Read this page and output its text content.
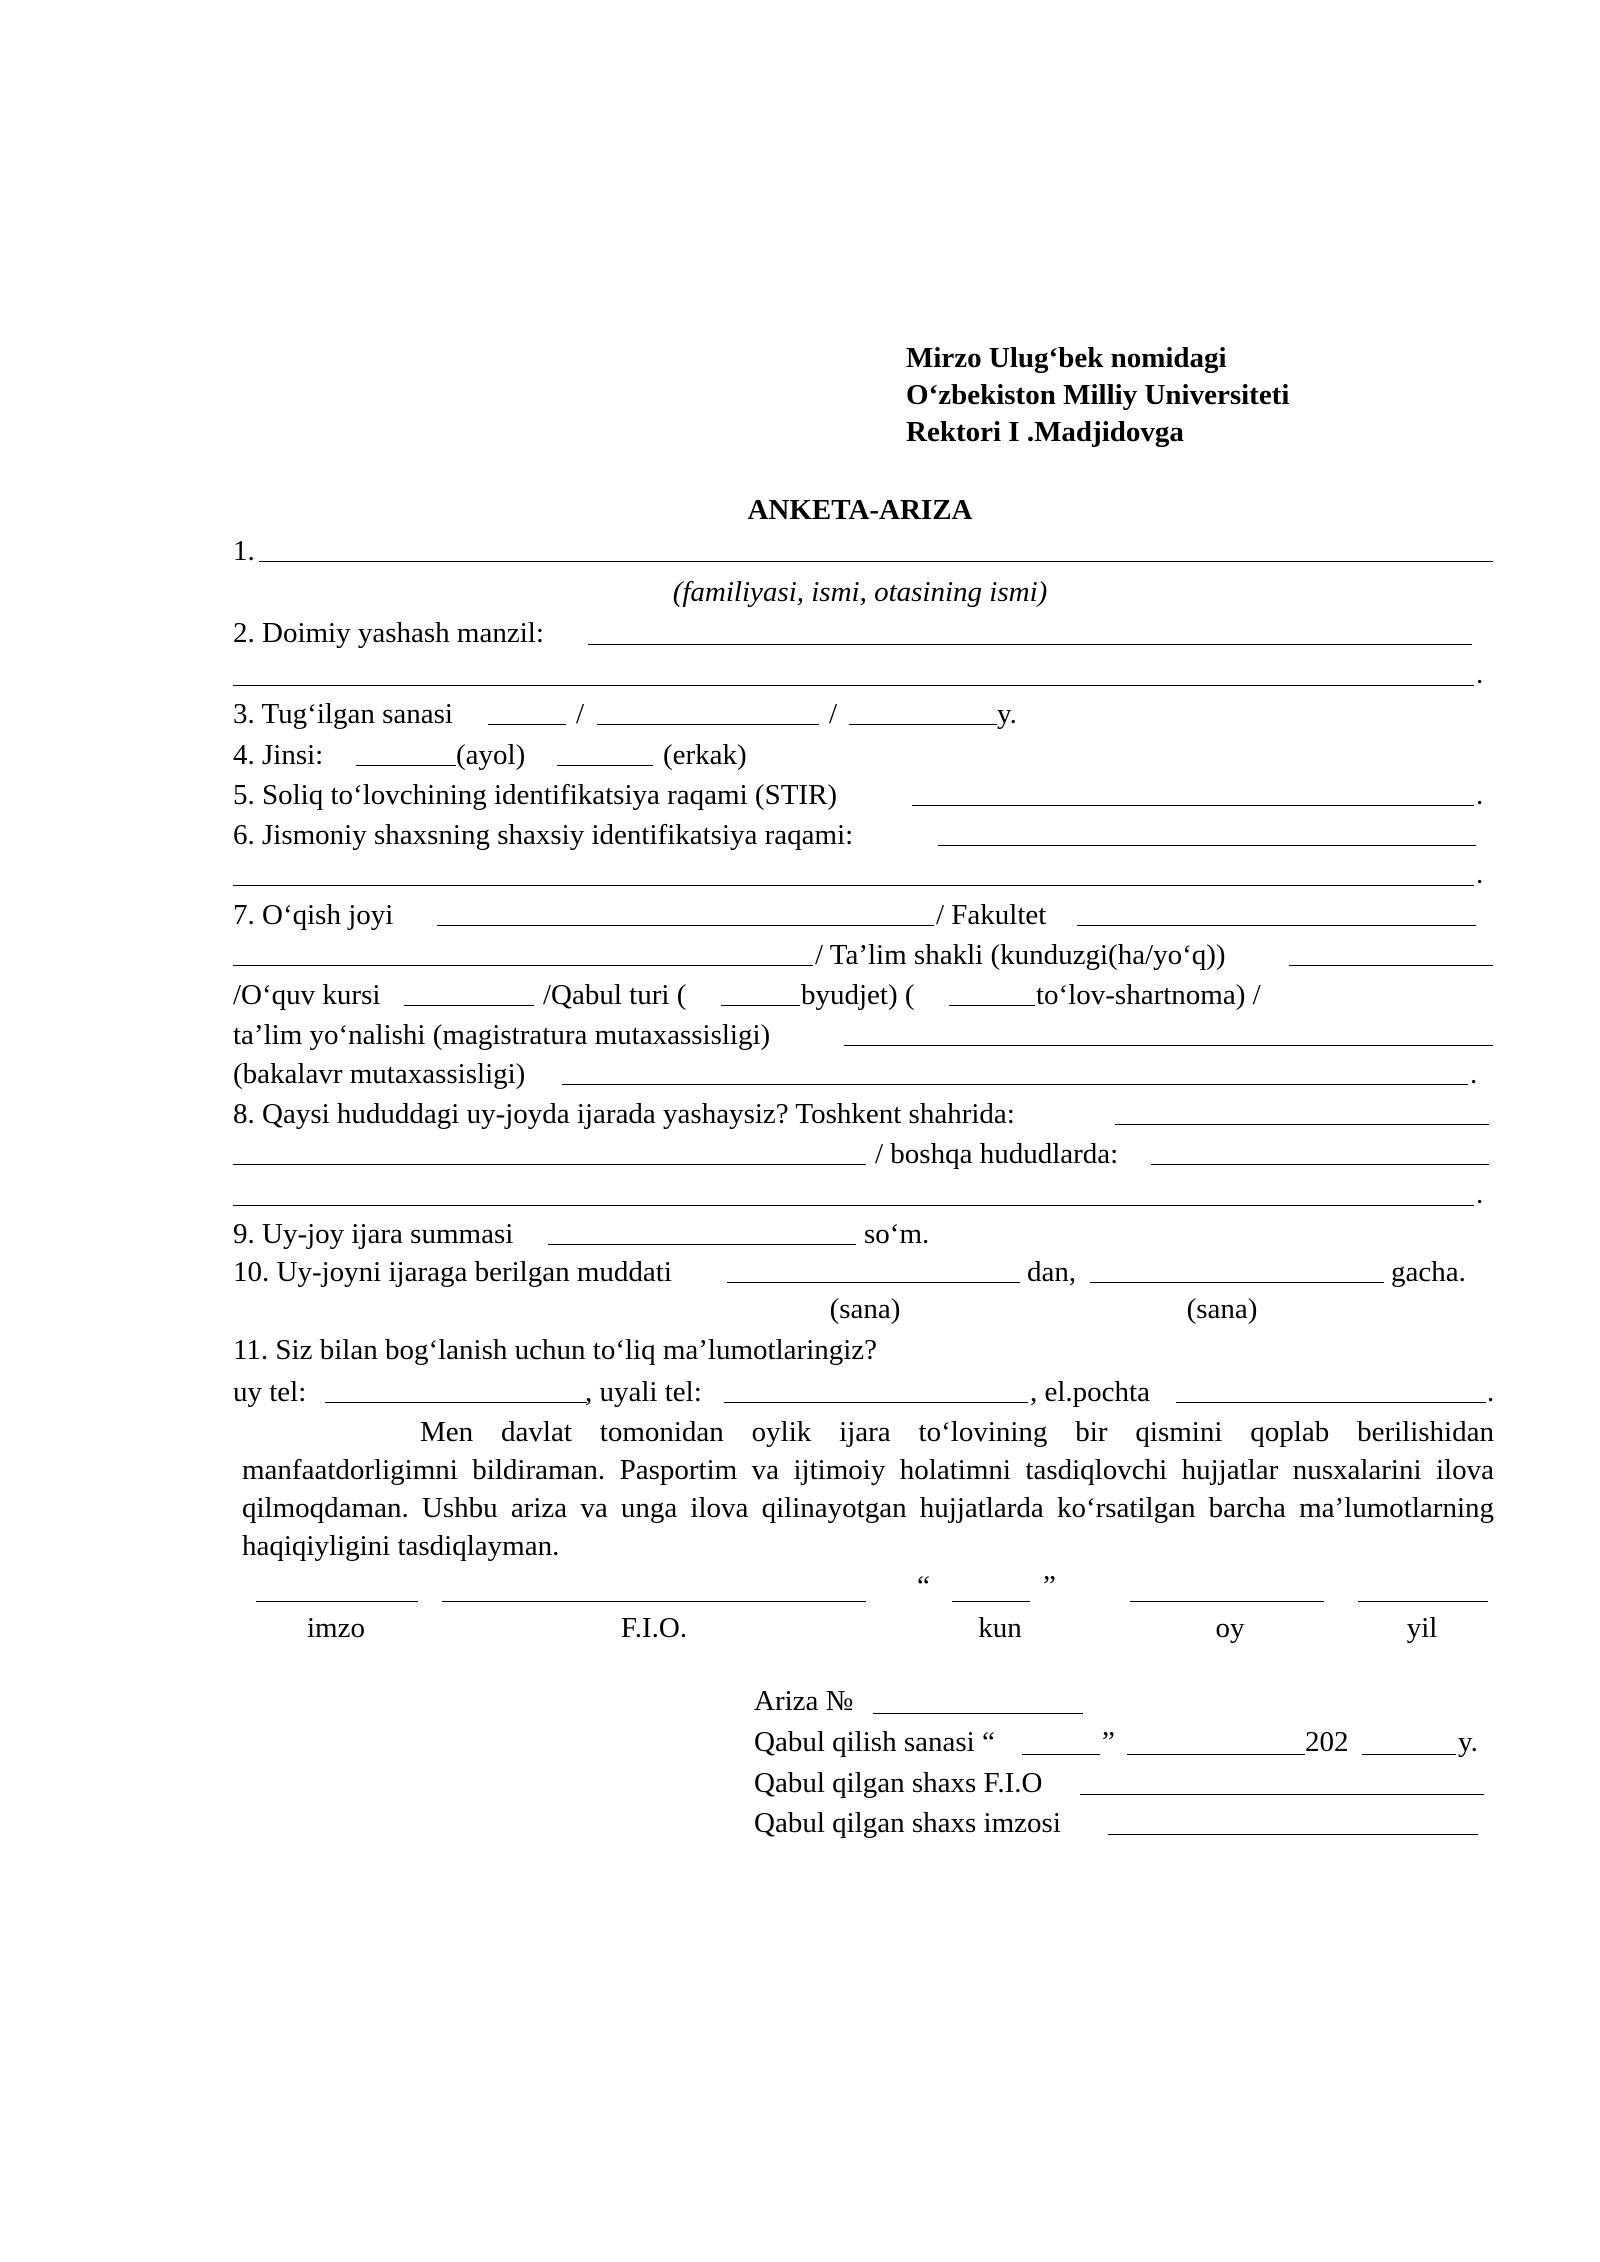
Mirzo Ulug‘bek nomidagi
O‘zbekiston Milliy Universiteti
Rektori I .Madjidovga
ANKETA-ARIZA
1.
(familiyasi, ismi, otasining ismi)
2. Doimiy yashash manzil:
.
3. Tug‘ilgan sanasi	/	/	y.
4. Jinsi:	(ayol)	(erkak)
5. Soliq to‘lovchining identifikatsiya raqami (STIR)	.
6. Jismoniy shaxsning shaxsiy identifikatsiya raqami:
.
7. O‘qish joyi	/ Fakultet
/ Ta’lim shakli (kunduzgi(ha/yo‘q))
/O‘quv kursi	/Qabul turi (	byudjet) (	to‘lov-shartnoma) /
ta’lim yo‘nalishi (magistratura mutaxassisligi)
(bakalavr mutaxassisligi)	.
8. Qaysi hududdagi uy-joyda ijarada yashaysiz? Toshkent shahrida:
/ boshqa hududlarda:
.
9. Uy-joy ijara summasi	so‘m.
10. Uy-joyni ijaraga berilgan muddati	dan,	gacha.
(sana)	(sana)
11. Siz bilan bog‘lanish uchun to‘liq ma’lumotlaringiz?
uy tel:	, uyali tel:	, el.pochta	.
Men davlat tomonidan oylik ijara to‘lovining bir qismini qoplab berilishidan manfaatdorligimni bildiraman. Pasportim va ijtimoiy holatimni tasdiqlovchi hujjatlar nusxalarini ilova qilmoqdaman. Ushbu ariza va unga ilova qilinayotgan hujjatlarda ko‘rsatilgan barcha ma’lumotlarning haqiqiyligini tasdiqlayman.
“	”
imzo	F.I.O.	kun	oy	yil
Ariza №
Qabul qilish sanasi “	”	202	y.
Qabul qilgan shaxs F.I.O
Qabul qilgan shaxs imzosi
